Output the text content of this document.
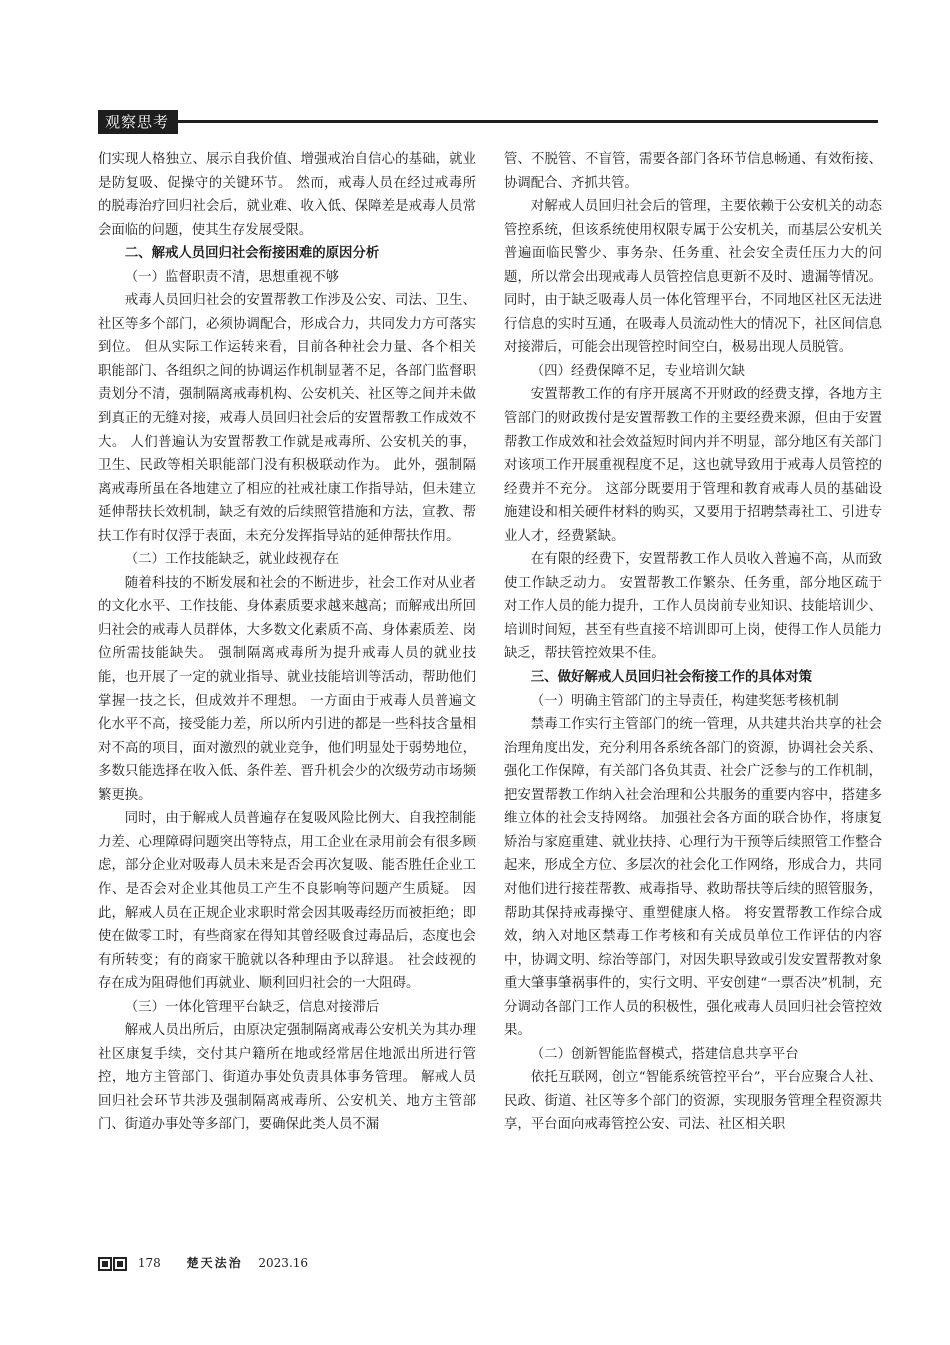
观察思考

们实现人格独立、展示自我价值、增强戒治自信心的基础，就业是防复吸、促操守的关键环节。 然而，戒毒人员在经过戒毒所的脱毒治疗回归社会后，就业难、收入低、保障差是戒毒人员常会面临的问题，使其生存发展受限。

二、解戒人员回归社会衔接困难的原因分析
（一）监督职责不清，思想重视不够

戒毒人员回归社会的安置帮教工作涉及公安、司法、卫生、社区等多个部门，必须协调配合，形成合力，共同发力方可落实到位。 但从实际工作运转来看，目前各种社会力量、各个相关职能部门、各组织之间的协调运作机制显著不足，各部门监督职责划分不清，强制隔离戒毒机构、公安机关、社区等之间并未做到真正的无缝对接，戒毒人员回归社会后的安置帮教工作成效不大。 人们普遍认为安置帮教工作就是戒毒所、公安机关的事，卫生、民政等相关职能部门没有积极联动作为。 此外，强制隔离戒毒所虽在各地建立了相应的社戒社康工作指导站，但未建立延伸帮扶长效机制，缺乏有效的后续照管措施和方法，宣教、帮扶工作有时仅浮于表面，未充分发挥指导站的延伸帮扶作用。

（二）工作技能缺乏，就业歧视存在

随着科技的不断发展和社会的不断进步，社会工作对从业者的文化水平、工作技能、身体素质要求越来越高；而解戒出所回归社会的戒毒人员群体，大多数文化素质不高、身体素质差、岗位所需技能缺失。 强制隔离戒毒所为提升戒毒人员的就业技能，也开展了一定的就业指导、就业技能培训等活动，帮助他们掌握一技之长，但成效并不理想。 一方面由于戒毒人员普遍文化水平不高，接受能力差，所以所内引进的都是一些科技含量相对不高的项目，面对激烈的就业竞争，他们明显处于弱势地位，多数只能选择在收入低、条件差、晋升机会少的次级劳动市场频繁更换。

同时，由于解戒人员普遍存在复吸风险比例大、自我控制能力差、心理障碍问题突出等特点，用工企业在录用前会有很多顾虑，部分企业对吸毒人员未来是否会再次复吸、能否胜任企业工作、是否会对企业其他员工产生不良影响等问题产生质疑。 因此，解戒人员在正规企业求职时常会因其吸毒经历而被拒绝；即使在做零工时，有些商家在得知其曾经吸食过毒品后，态度也会有所转变；有的商家干脆就以各种理由予以辞退。 社会歧视的存在成为阻碍他们再就业、顺利回归社会的一大阻碍。

（三）一体化管理平台缺乏，信息对接滞后

解戒人员出所后，由原决定强制隔离戒毒公安机关为其办理社区康复手续，交付其户籍所在地或经常居住地派出所进行管控，地方主管部门、街道办事处负责具体事务管理。 解戒人员回归社会环节共涉及强制隔离戒毒所、公安机关、地方主管部门、街道办事处等多部门，要确保此类人员不漏

管、不脱管、不盲管，需要各部门各环节信息畅通、有效衔接、协调配合、齐抓共管。

对解戒人员回归社会后的管理，主要依赖于公安机关的动态管控系统，但该系统使用权限专属于公安机关，而基层公安机关普遍面临民警少、事务杂、任务重、社会安全责任压力大的问题，所以常会出现戒毒人员管控信息更新不及时、遗漏等情况。 同时，由于缺乏吸毒人员一体化管理平台，不同地区社区无法进行信息的实时互通，在吸毒人员流动性大的情况下，社区间信息对接滞后，可能会出现管控时间空白，极易出现人员脱管。

（四）经费保障不足，专业培训欠缺

安置帮教工作的有序开展离不开财政的经费支撑，各地方主管部门的财政拨付是安置帮教工作的主要经费来源，但由于安置帮教工作成效和社会效益短时间内并不明显，部分地区有关部门对该项工作开展重视程度不足，这也就导致用于戒毒人员管控的经费并不充分。 这部分既要用于管理和教育戒毒人员的基础设施建设和相关硬件材料的购买，又要用于招聘禁毒社工、引进专业人才，经费紧缺。

在有限的经费下，安置帮教工作人员收入普遍不高，从而致使工作缺乏动力。 安置帮教工作繁杂、任务重，部分地区疏于对工作人员的能力提升，工作人员岗前专业知识、技能培训少、培训时间短，甚至有些直接不培训即可上岗，使得工作人员能力缺乏，帮扶管控效果不佳。

三、做好解戒人员回归社会衔接工作的具体对策
（一）明确主管部门的主导责任，构建奖惩考核机制

禁毒工作实行主管部门的统一管理，从共建共治共享的社会治理角度出发，充分利用各系统各部门的资源，协调社会关系、强化工作保障，有关部门各负其责、社会广泛参与的工作机制，把安置帮教工作纳入社会治理和公共服务的重要内容中，搭建多维立体的社会支持网络。 加强社会各方面的联合协作，将康复矫治与家庭重建、就业扶持、心理行为干预等后续照管工作整合起来，形成全方位、多层次的社会化工作网络，形成合力，共同对他们进行接茬帮教、戒毒指导、救助帮扶等后续的照管服务，帮助其保持戒毒操守、重塑健康人格。 将安置帮教工作综合成效，纳入对地区禁毒工作考核和有关成员单位工作评估的内容中，协调文明、综治等部门，对因失职导致或引发安置帮教对象重大肇事肇祸事件的，实行文明、平安创建“一票否决”机制，充分调动各部门工作人员的积极性，强化戒毒人员回归社会管控效果。

（二）创新智能监督模式，搭建信息共享平台

依托互联网，创立“智能系统管控平台”，平台应聚合人社、民政、街道、社区等多个部门的资源，实现服务管理全程资源共享，平台面向戒毒管控公安、司法、社区相关职

178 楚天法治 2023.16
